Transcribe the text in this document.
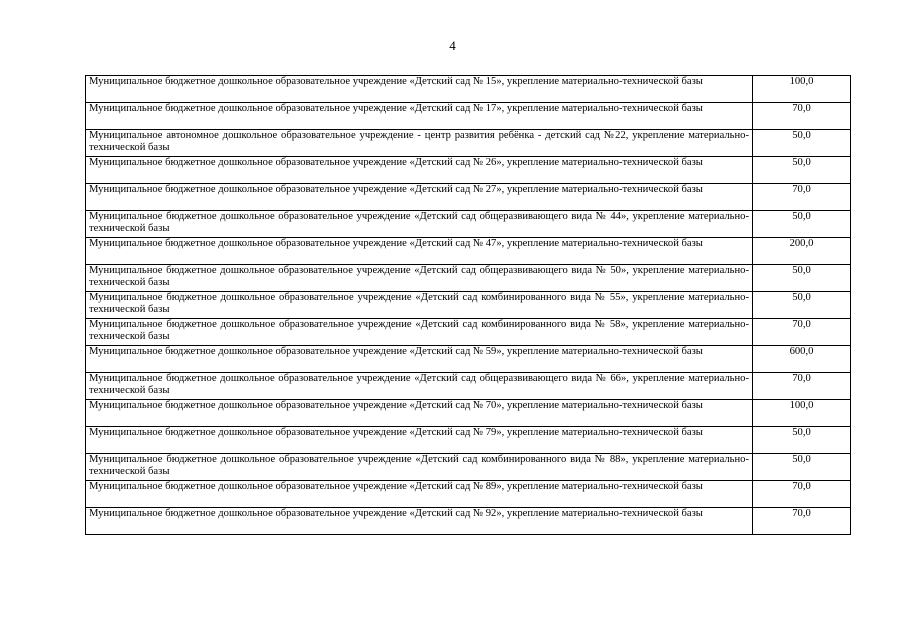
4
Муниципальное бюджетное дошкольное образовательное учреждение «Детский сад № 15», укрепление материально-технической базы	100,0

Муниципальное бюджетное дошкольное образовательное учреждение «Детский сад № 17», укрепление материально-технической базы	70,0

Муниципальное автономное дошкольное образовательное учреждение - центр развития ребёнка - детский сад №22, укрепление материально-технической базы	50,0

Муниципальное бюджетное дошкольное образовательное учреждение «Детский сад № 26», укрепление материально-технической базы	50,0

Муниципальное бюджетное дошкольное образовательное учреждение «Детский сад № 27», укрепление материально-технической базы	70,0

Муниципальное бюджетное дошкольное образовательное учреждение «Детский сад общеразвивающего вида № 44», укрепление материально-технической базы	50,0

Муниципальное бюджетное дошкольное образовательное учреждение «Детский сад № 47», укрепление материально-технической базы	200,0

Муниципальное бюджетное дошкольное образовательное учреждение «Детский сад общеразвивающего вида № 50», укрепление материально-технической базы	50,0

Муниципальное бюджетное дошкольное образовательное учреждение «Детский сад комбинированного вида № 55», укрепление материально-технической базы	50,0

Муниципальное бюджетное дошкольное образовательное учреждение «Детский сад комбинированного вида № 58», укрепление материально-технической базы	70,0

Муниципальное бюджетное дошкольное образовательное учреждение «Детский сад № 59», укрепление материально-технической базы	600,0

Муниципальное бюджетное дошкольное образовательное учреждение «Детский сад общеразвивающего вида № 66», укрепление материально-технической базы	70,0

Муниципальное бюджетное дошкольное образовательное учреждение «Детский сад № 70», укрепление материально-технической базы	100,0

Муниципальное бюджетное дошкольное образовательное учреждение «Детский сад № 79», укрепление материально-технической базы	50,0

Муниципальное бюджетное дошкольное образовательное учреждение «Детский сад комбинированного вида № 88», укрепление материально-технической базы	50,0

Муниципальное бюджетное дошкольное образовательное учреждение «Детский сад № 89», укрепление материально-технической базы	70,0

Муниципальное бюджетное дошкольное образовательное учреждение «Детский сад № 92», укрепление материально-технической базы	70,0
